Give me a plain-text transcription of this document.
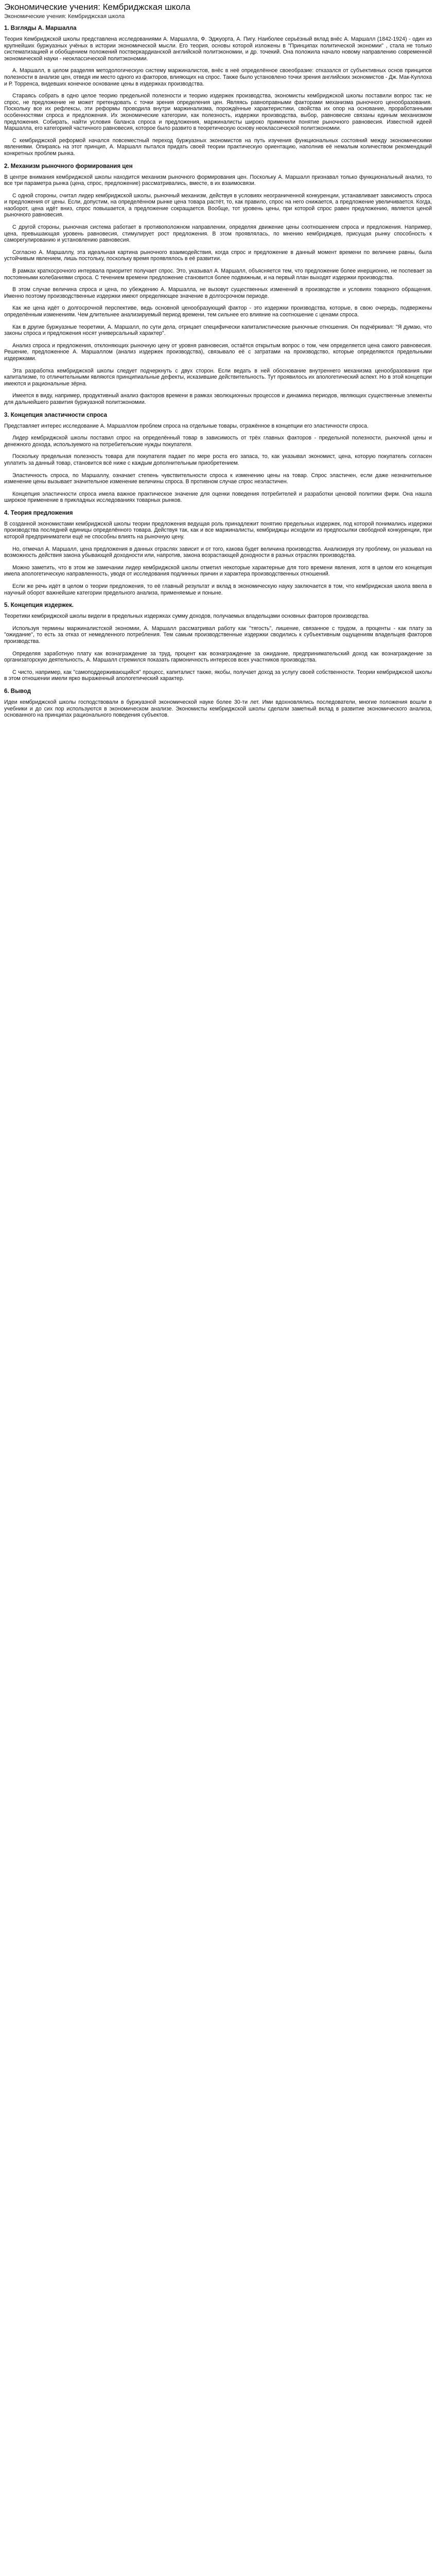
Экономические учения: Кембриджская школа
Экономические учения: Кембриджская школа
1. Взгляды А. Маршалла

Теория Кембриджской школы представлена исследованиями А. Маршалла, Ф. Эджуорта, А. Пигу. Наиболее серьёзный вклад внёс А. Маршалл (1842-1924) - один из крупнейших буржуазных учёных в истории экономической мысли. Его теория, основы которой изложены в "Принципах политической экономии" , стала не только систематизацией и обобщением положений постверкардианской английской политэкономии, и др. точекий. Она положила начало новому направлению современной экономической науки - неоклассической политэкономии.

А. Маршалл, в целом разделяя методологическую систему маржиналистов, внёс в неё определённое своеобразие: отказался от субъективных основ принципов полезности в анализе цен, отведя им место одного из факторов, влияющих на спрос. Также было установлено точки зрения английских экономистов - Дж. Мак-Куллоха и Р. Торренса, видевших конечное основание цены в издержках производства.

Стараясь собрать в одно целое теорию предельной полезности и теорию издержек производства, экономисты кембриджской школы поставили вопрос так: не спрос, не предложение не может претендовать с точки зрения определения цен. Являясь равноправными факторами механизма рыночного ценообразования. Поскольку все их рефлексы, эти реформы проводила внутри маржинализма, порождённые характеристики, свойства их опор на основание, проработанными особенностями спроса и предложения. Их экономические категории, как полезность, издержки производства, выбор, равновесие связаны единым механизмом предложения. Собирать, найти условия баланса спроса и предложения, маржиналисты широко применили понятие рыночного равновесия. Известной идеей Маршалла, его категорией частичного равновесия, которое было развито в теоретическую основу неоклассической политэкономии.

С кембриджской реформой начался повсеместный переход буржуазных экономистов на путь изучения функциональных состояний между экономическими явлениями. Опираясь на этот принцип, А. Маршалл пытался придать своей теории практическую ориентацию, наполнив её немалым количеством рекомендаций конкретных проблем рынка.

2. Механизм рыночного формирования цен

В центре внимания кембриджской школы находится механизм рыночного формирования цен. Поскольку А. Маршалл признавал только функциональный анализ, то все три параметра рынка (цена, спрос, предложение) рассматривались, вместе, в их взаимосвязи.

С одной стороны, считал лидер кембриджской школы, рыночный механизм, действуя в условиях неограниченной конкуренции, устанавливает зависимость спроса и предложения от цены. Если, допустим, на определённом рынке цена товара растёт, то, как правило, спрос на него снижается, а предложение увеличивается. Когда, наоборот, цена идёт вниз, спрос повышается, а предложение сокращается. Вообще, тот уровень цены, при которой спрос равен предложению, является ценой рыночного равновесия.

С другой стороны, рыночная система работает в противоположном направлении, определяя движение цены соотношением спроса и предложения. Например, цена, превышающая уровень равновесия, стимулирует рост предложения. В этом проявлялась, по мнению кембриджцев, присущая рынку способность к саморегулированию и установлению равновесия.

Согласно А. Маршаллу, эта идеальная картина рыночного взаимодействия, когда спрос и предложение в данный момент времени по величине равны, была устойчивым явлением, лишь постольку, поскольку время проявлялось в её развитии.

В рамках краткосрочного интервала приоритет получает спрос. Это, указывал А. Маршалл, объясняется тем, что предложение более инерционно, не поспевает за постоянными колебаниями спроса. С течением времени предложение становится более подвижным, и на первый план выходят издержки производства.

В этом случае величина спроса и цена, по убеждению А. Маршалла, не вызовут существенных изменений в производстве и условиях товарного обращения. Именно поэтому производственные издержки имеют определяющее значение в долгосрочном периоде.

Как же цена идёт о долгосрочной перспективе, ведь основной ценообразующий фактор - это издержки производства, которые, в свою очередь, подвержены определённым изменениям. Чем длительнее анализируемый период времени, тем сильнее его влияние на соотношение с ценами спроса.

Как в другие буржуазные теоретики, А. Маршалл, по сути дела, отрицает специфически капиталистические рыночные отношения. Он подчёркивал: "Я думаю, что законы спроса и предложения носят универсальный характер".

Анализ спроса и предложения, отклоняющих рыночную цену от уровня равновесия, остаётся открытым вопрос о том, чем определяется цена самого равновесия. Решение, предложенное А. Маршаллом (анализ издержек производства), связывало её с затратами на производство, которые определяются предельными издержками.

Эта разработка кембриджской школы следует подчеркнуть с двух сторон. Если ведать в ней обоснование внутреннего механизма ценообразования при капитализме, то отличительными являются принципиальные дефекты, исказившие действительность. Тут проявилось их апологетический аспект. Но в этой концепции имеются и рациональные зёрна.

Имеется в виду, например, продуктивный анализ факторов времени в рамках эволюционных процессов и динамика периодов, являющих существенные элементы для дальнейшего развития буржуазной политэкономии.

3. Концепция эластичности спроса

Представляет интерес исследование А. Маршаллом проблем спроса на отдельные товары, отражённое в концепции его эластичности спроса.

Лидер кембриджской школы поставил спрос на определённый товар в зависимость от трёх главных факторов - предельной полезности, рыночной цены и денежного дохода, используемого на потребительские нужды покупателя.

Поскольку предельная полезность товара для покупателя падает по мере роста его запаса, то, как указывал экономист, цена, которую покупатель согласен уплатить за данный товар, становится всё ниже с каждым дополнительным приобретением.

Эластичность спроса, по Маршаллу, означает степень чувствительности спроса к изменению цены на товар. Спрос эластичен, если даже незначительное изменение цены вызывает значительное изменение величины спроса. В противном случае спрос неэластичен.

Концепция эластичности спроса имела важное практическое значение для оценки поведения потребителей и разработки ценовой политики фирм. Она нашла широкое применение в прикладных исследованиях товарных рынков.

4. Теория предложения

В созданной экономистами кембриджской школы теории предложения ведущая роль принадлежит понятию предельных издержек, под которой понимались издержки производства последней единицы определённого товара. Действуя так, как и все маржиналисты, кембриджцы исходили из предпосылки свободной конкуренции, при которой предприниматели ещё не способны влиять на рыночную цену.

Но, отмечал А. Маршалл, цена предложения в данных отраслях зависит и от того, какова будет величина производства. Анализируя эту проблему, он указывал на возможность действия закона убывающей доходности или, напротив, закона возрастающей доходности в разных отраслях производства.

Можно заметить, что в этом же замечании лидер кембриджской школы отметил некоторые характерные для того времени явления, хотя в целом его концепция имела апологетическую направленность, уводя от исследования подлинных причин и характера производственных отношений.

Если же речь идёт в целом о теории предложения, то её главный результат и вклад в экономическую науку заключается в том, что кембриджская школа ввела в научный оборот важнейшие категории предельного анализа, применяемые и поныне.

5. Концепция издержек.

Теоретики кембриджской школы видели в предельных издержках сумму доходов, получаемых владельцами основных факторов производства.

Используя термины маржиналистской экономии, А. Маршалл рассматривал работу как "тягость", лишение, связанное с трудом, а проценты - как плату за "ожидание", то есть за отказ от немедленного потребления. Тем самым производственные издержки сводились к субъективным ощущениям владельцев факторов производства.

Определяя заработную плату как вознаграждение за труд, процент как вознаграждение за ожидание, предпринимательский доход как вознаграждение за организаторскую деятельность, А. Маршалл стремился показать гармоничность интересов всех участников производства.

С чисто, например, как "самоподдерживающийся" процесс, капиталист также, якобы, получает доход за услугу своей собственности. Теории кембриджской школы в этом отношении имели ярко выраженный апологетический характер.

6. Вывод

Идеи кембриджской школы господствовали в буржуазной экономической науке более 30-ти лет. Ими вдохновлялись последователи, многие положения вошли в учебники и до сих пор используются в экономическом анализе. Экономисты кембриджской школы сделали заметный вклад в развитие экономического анализа, основанного на принципах рационального поведения субъектов.
